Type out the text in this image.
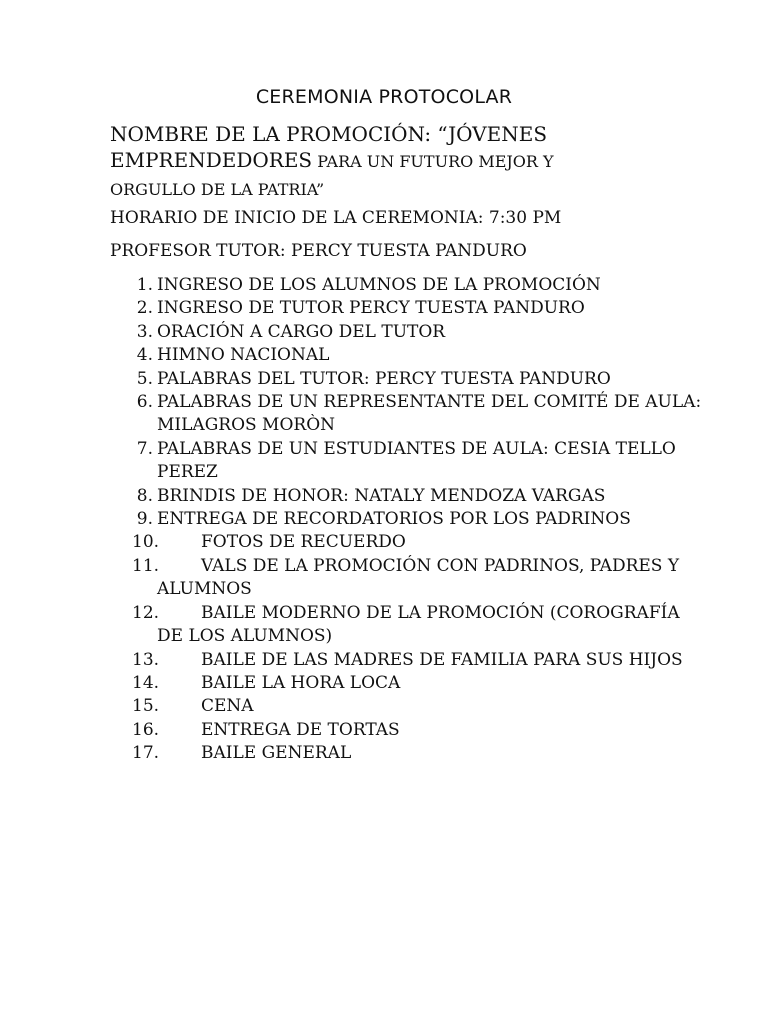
CEREMONIA PROTOCOLAR
NOMBRE DE LA PROMOCIÓN: “JÓVENES EMPRENDEDORES PARA UN FUTURO MEJOR Y
ORGULLO DE LA PATRIA”
HORARIO DE INICIO DE LA CEREMONIA: 7:30 PM
PROFESOR TUTOR: PERCY TUESTA PANDURO
1. INGRESO DE LOS ALUMNOS DE LA PROMOCIÓN
2. INGRESO DE TUTOR PERCY TUESTA PANDURO
3. ORACIÓN A CARGO DEL TUTOR
4. HIMNO NACIONAL
5. PALABRAS DEL TUTOR: PERCY TUESTA PANDURO
6. PALABRAS DE UN REPRESENTANTE DEL COMITÉ DE AULA: MILAGROS MORÒN
7. PALABRAS DE UN ESTUDIANTES DE AULA: CESIA TELLO PEREZ
8. BRINDIS DE HONOR: NATALY MENDOZA VARGAS
9. ENTREGA DE RECORDATORIOS POR LOS PADRINOS
10. FOTOS DE RECUERDO
11. VALS DE LA PROMOCIÓN CON PADRINOS, PADRES Y ALUMNOS
12. BAILE MODERNO DE LA PROMOCIÓN (COROGRAFÍA DE LOS ALUMNOS)
13. BAILE DE LAS MADRES DE FAMILIA PARA SUS HIJOS
14. BAILE LA HORA LOCA
15. CENA
16. ENTREGA DE TORTAS
17. BAILE GENERAL
